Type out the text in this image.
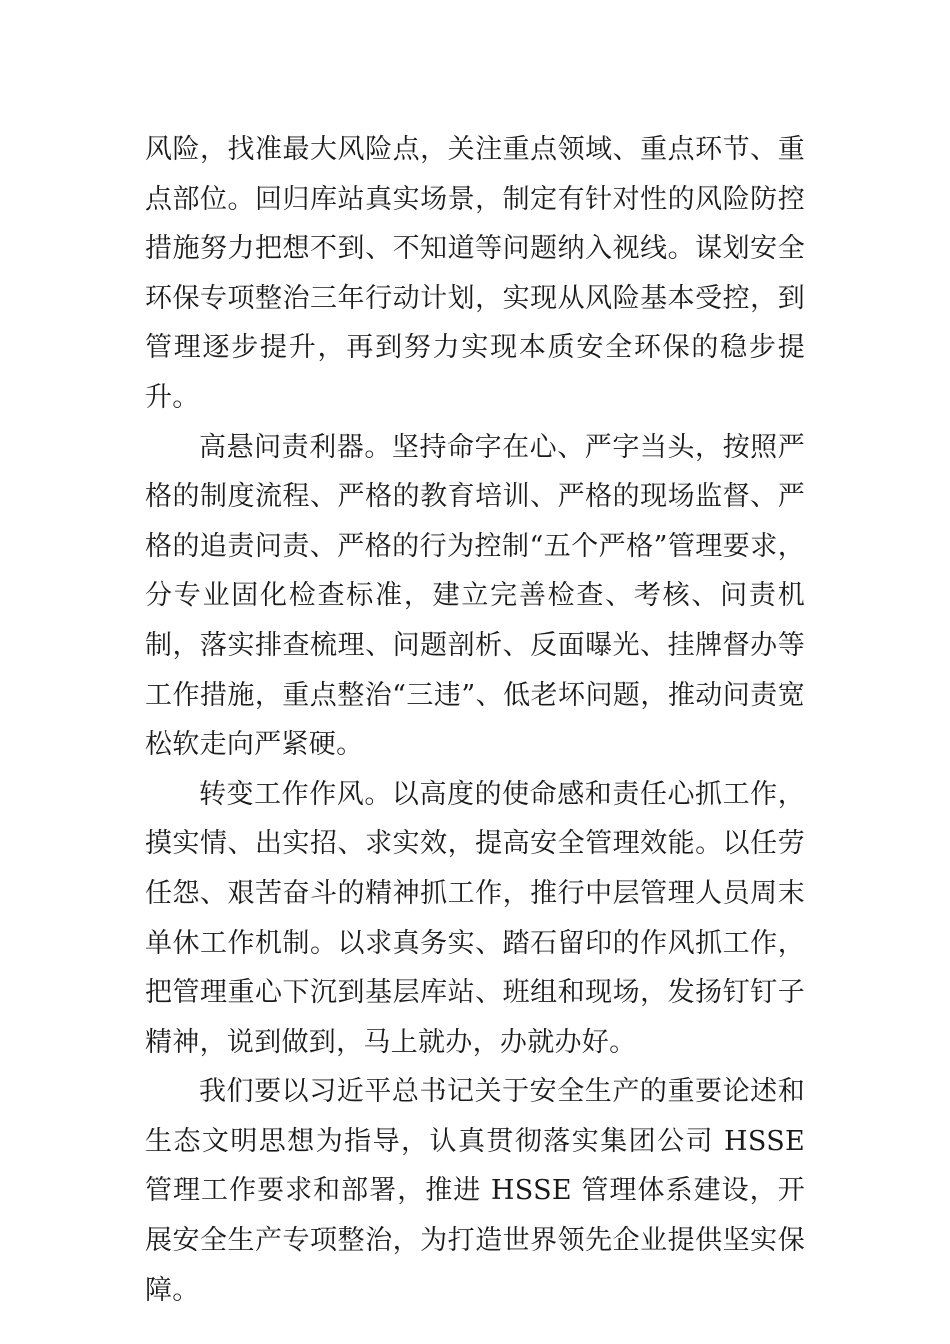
风险，找准最大风险点，关注重点领域、重点环节、重点部位。回归库站真实场景，制定有针对性的风险防控措施努力把想不到、不知道等问题纳入视线。谋划安全环保专项整治三年行动计划，实现从风险基本受控，到管理逐步提升，再到努力实现本质安全环保的稳步提升。

高悬问责利器。坚持命字在心、严字当头，按照严格的制度流程、严格的教育培训、严格的现场监督、严格的追责问责、严格的行为控制“五个严格”管理要求，分专业固化检查标准，建立完善检查、考核、问责机制，落实排查梳理、问题剖析、反面曝光、挂牌督办等工作措施，重点整治“三违”、低老坏问题，推动问责宽松软走向严紧硬。

转变工作作风。以高度的使命感和责任心抓工作，摸实情、出实招、求实效，提高安全管理效能。以任劳任怨、艰苦奋斗的精神抓工作，推行中层管理人员周末单休工作机制。以求真务实、踏石留印的作风抓工作，把管理重心下沉到基层库站、班组和现场，发扬钉钉子精神，说到做到，马上就办，办就办好。

我们要以习近平总书记关于安全生产的重要论述和生态文明思想为指导，认真贯彻落实集团公司 HSSE 管理工作要求和部署，推进 HSSE 管理体系建设，开展安全生产专项整治，为打造世界领先企业提供坚实保障。
